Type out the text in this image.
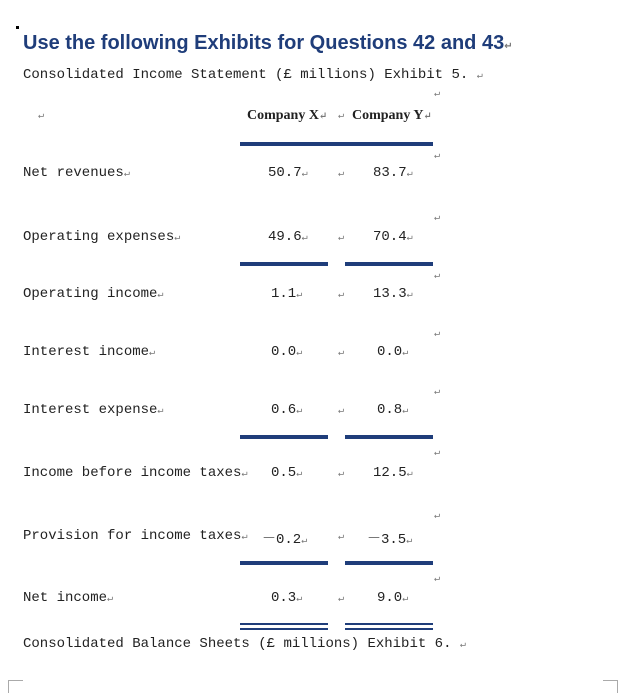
Use the following Exhibits for Questions 42 and 43↵
Consolidated Income Statement (£ millions) Exhibit 5. ↵
↵	Company X↵ ↵ Company Y↵
↵
↵
Net revenues↵	50.7↵	↵ 83.7↵
↵
Operating expenses↵	49.6↵	↵ 70.4↵
↵
Operating income↵	1.1↵	↵ 13.3↵
↵
Interest income↵	0.0↵	↵ 0.0↵
↵
Interest expense↵	0.6↵	↵ 0.8↵
↵
Income before income taxes↵ 0.5↵	↵ 12.5↵
↵
Provision for income taxes↵ －0.2↵	↵ －3.5↵
↵
Net income↵	0.3↵	↵ 9.0↵
Consolidated Balance Sheets (£ millions) Exhibit 6. ↵
